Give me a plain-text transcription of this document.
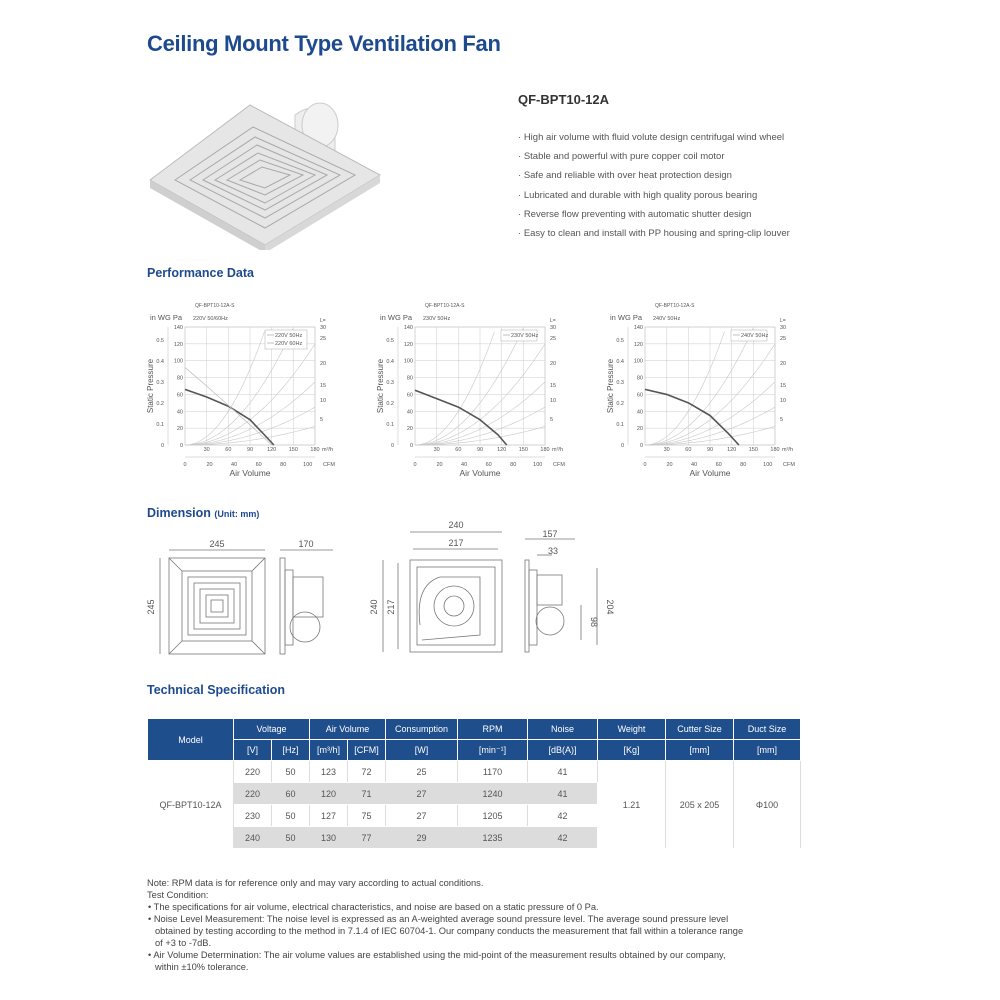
Ceiling Mount Type Ventilation Fan
QF-BPT10-12A
· High air volume with fluid volute design centrifugal wind wheel
· Stable and powerful with pure copper coil motor
· Safe and reliable with over heat protection design
· Lubricated and durable with high quality porous bearing
· Reverse flow preventing with automatic shutter design
· Easy to clean and install with PP housing and spring-clip louver
Performance Data
30	60	90	120 150 180
0
20
40
60
80
100
120
140
0
0.1
0.2
0.3
0.4
0.5
5
10
15
20
25
30
L=
m³/h
0	20	40	60	80	100 CFM
Air Volume
Static Pressure
QF-BPT10-12A-S
in WG Pa 220V 50/60Hz
220V 50Hz
220V 60Hz
30	60	90	120 150 180
0
20
40
60
80
100
120
140
0
0.1
0.2
0.3
0.4
0.5
5
10
15
20
25
30
L=
m³/h
0	20	40	60	80	100 CFM
Air Volume
Static Pressure
QF-BPT10-12A-S
in WG Pa 230V 50Hz
230V 50Hz
30	60	90	120 150 180
0
20
40
60
80
100
120
140
0
0.1
0.2
0.3
0.4
0.5
5
10
15
20
25
30
L=
m³/h
0	20	40	60	80	100 CFM
Air Volume
Static Pressure
QF-BPT10-12A-S
in WG Pa 240V 50Hz
240V 50Hz
Dimension (Unit: mm)
245
245
170
240
217
240 217
157
33
204
98
Technical Specification
Model	Voltage		Air Volume		Consumption	RPM	Noise	Weight	Cutter Size	Duct Size
	[V]	[Hz]	[m³/h]	[CFM]	[W]	[min⁻¹]	[dB(A)]	[Kg]	[mm]	[mm]
QF-BPT10-12A	220	50	123	72	25	1170	41	1.21	205 x 205	Φ100
	220	60	120	71	27	1240	41			
	230	50	127	75	27	1205	42			
	240	50	130	77	29	1235	42			
Note: RPM data is for reference only and may vary according to actual conditions.
Test Condition:
• The specifications for air volume, electrical characteristics, and noise are based on a static pressure of 0 Pa.
• Noise Level Measurement: The noise level is expressed as an A-weighted average sound pressure level. The average sound pressure level obtained by testing according to the method in 7.1.4 of IEC 60704-1. Our company conducts the measurement that fall within a tolerance range of +3 to -7dB.
• Air Volume Determination: The air volume values are established using the mid-point of the measurement results obtained by our company, within ±10% tolerance.
